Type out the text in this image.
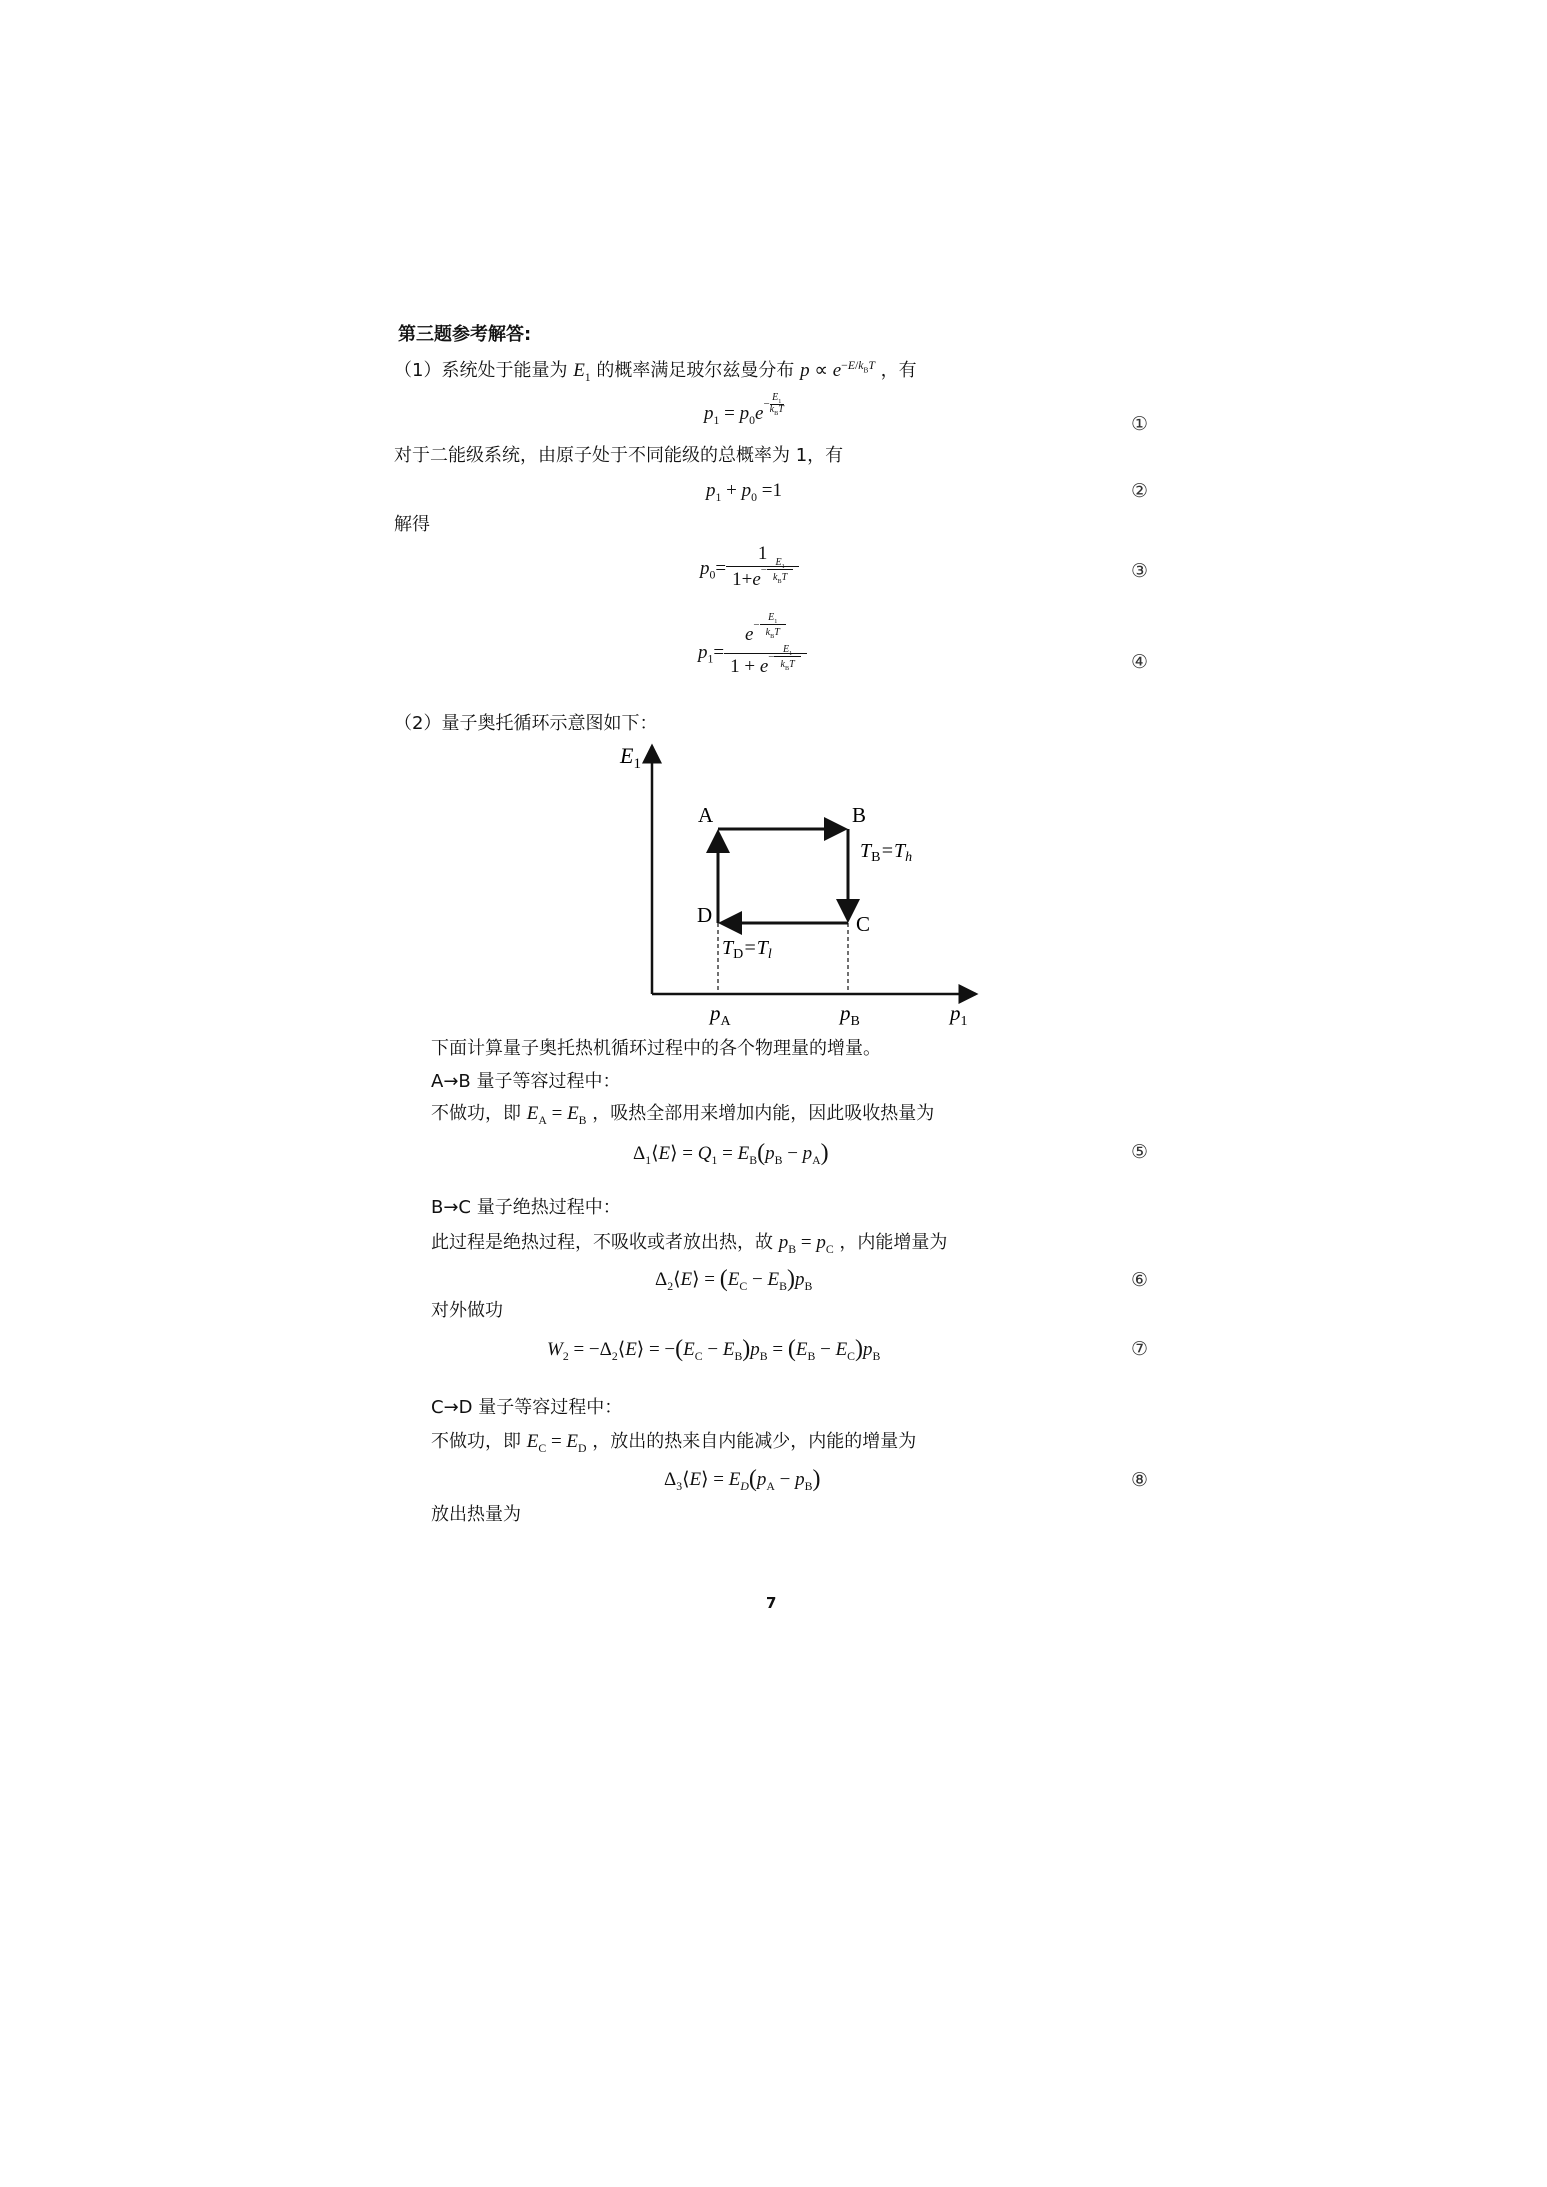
第三题参考解答:
（1）系统处于能量为 $E_1$ 的概率满足玻尔兹曼分布 $p \propto e^{-E/k_BT}$ ，有
$p_1 = p_0e^{-E_1 k_BT}$
①
对于二能级系统，由原子处于不同能级的总概率为 1，有
$p_1 + p_0 =1$	②
解得
$p_0= 1$
$1+e^{-E_1 k_BT}$	③
$p_1= e^{-E_1 k_BT}$
$1 + e^{-E_1 k_BT}$	④
（2）量子奥托循环示意图如下：
$E_1$
A	B
C
D
$T_B=T_h$
$T_D=T_l$
$p_A$	$p_B$	$p_1$
下面计算量子奥托热机循环过程中的各个物理量的增量。
A→B 量子等容过程中：
不做功，即 $E_A = E_B$ ，吸热全部用来增加内能，因此吸收热量为
$\Delta_1⟨E⟩ = Q_1 = E_B(p_B - p_A)$	⑤
B→C 量子绝热过程中：
此过程是绝热过程，不吸收或者放出热，故 $p_B = p_C$ ，内能增量为
$\Delta_2⟨E⟩ = (E_C - E_B)p_B$	⑥
对外做功
$W_2$ = $-\Delta_2⟨E⟩ = -(E_C - E_B)p_B = (E_B - E_C)p_B$	⑦
C→D 量子等容过程中：
不做功，即 $E_C = E_D$ ，放出的热来自内能减少，内能的增量为
$\Delta_3⟨E⟩ = E_D(p_A - p_B)$	⑧
放出热量为
7
